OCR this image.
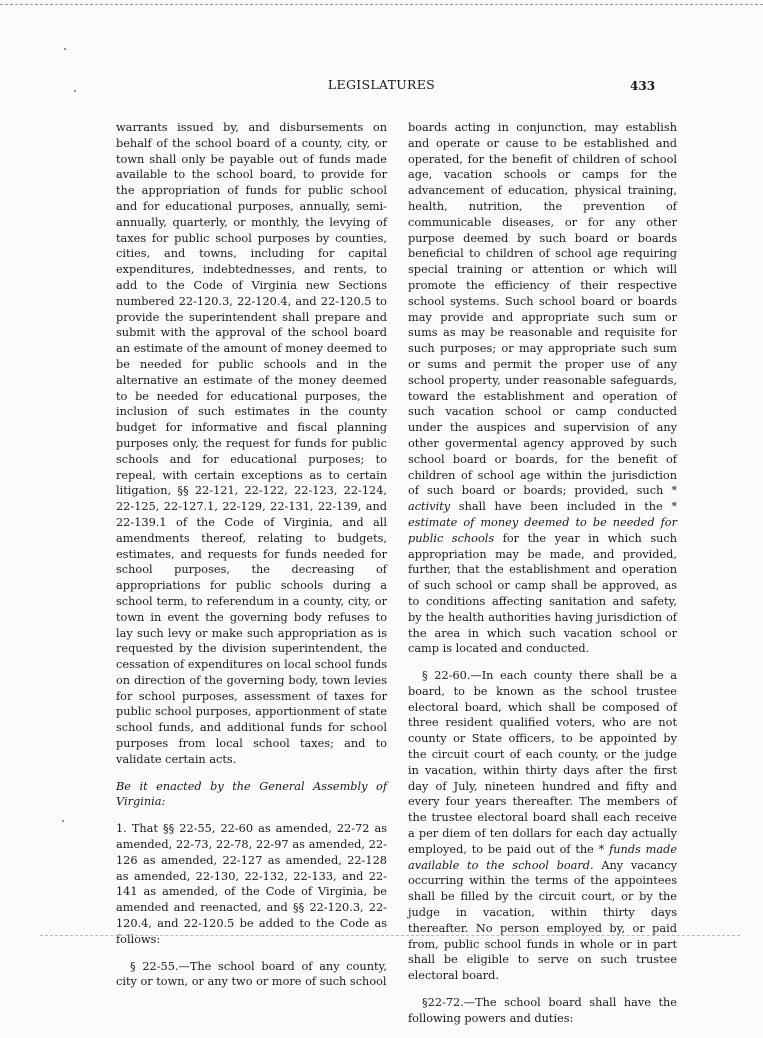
LEGISLATURES	433

warrants issued by, and disbursements on behalf of the school board of a county, city, or town shall only be payable out of funds made available to the school board, to provide for the appropriation of funds for public school and for educational purposes, annually, semi-annually, quarterly, or monthly, the levying of taxes for public school purposes by counties, cities, and towns, including for capital expenditures, indebtednesses, and rents, to add to the Code of Virginia new Sections numbered 22-120.3, 22-120.4, and 22-120.5 to provide the superintendent shall prepare and submit with the approval of the school board an estimate of the amount of money deemed to be needed for public schools and in the alternative an estimate of the money deemed to be needed for educational purposes, the inclusion of such estimates in the county budget for informative and fiscal planning purposes only, the request for funds for public schools and for educational purposes; to repeal, with certain exceptions as to certain litigation, §§ 22-121, 22-122, 22-123, 22-124, 22-125, 22-127.1, 22-129, 22-131, 22-139, and 22-139.1 of the Code of Virginia, and all amendments thereof, relating to budgets, estimates, and requests for funds needed for school purposes, the decreasing of appropriations for public schools during a school term, to referendum in a county, city, or town in event the governing body refuses to lay such levy or make such appropriation as is requested by the division superintendent, the cessation of expenditures on local school funds on direction of the governing body, town levies for school purposes, assessment of taxes for public school purposes, apportionment of state school funds, and additional funds for school purposes from local school taxes; and to validate certain acts.

Be it enacted by the General Assembly of Virginia:

1. That §§ 22-55, 22-60 as amended, 22-72 as amended, 22-73, 22-78, 22-97 as amended, 22-126 as amended, 22-127 as amended, 22-128 as amended, 22-130, 22-132, 22-133, and 22-141 as amended, of the Code of Virginia, be amended and reenacted, and §§ 22-120.3, 22-120.4, and 22-120.5 be added to the Code as follows:

§ 22-55.—The school board of any county, city or town, or any two or more of such school

boards acting in conjunction, may establish and operate or cause to be established and operated, for the benefit of children of school age, vacation schools or camps for the advancement of education, physical training, health, nutrition, the prevention of communicable diseases, or for any other purpose deemed by such board or boards beneficial to children of school age requiring special training or attention or which will promote the efficiency of their respective school systems. Such school board or boards may provide and appropriate such sum or sums as may be reasonable and requisite for such purposes; or may appropriate such sum or sums and permit the proper use of any school property, under reasonable safeguards, toward the establishment and operation of such vacation school or camp conducted under the auspices and supervision of any other govermental agency approved by such school board or boards, for the benefit of children of school age within the jurisdiction of such board or boards; provided, such * activity shall have been included in the * estimate of money deemed to be needed for public schools for the year in which such appropriation may be made, and provided, further, that the establishment and operation of such school or camp shall be approved, as to conditions affecting sanitation and safety, by the health authorities having jurisdiction of the area in which such vacation school or camp is located and conducted.

§ 22-60.—In each county there shall be a board, to be known as the school trustee electoral board, which shall be composed of three resident qualified voters, who are not county or State officers, to be appointed by the circuit court of each county, or the judge in vacation, within thirty days after the first day of July, nineteen hundred and fifty and every four years thereafter. The members of the trustee electoral board shall each receive a per diem of ten dollars for each day actually employed, to be paid out of the * funds made available to the school board. Any vacancy occurring within the terms of the appointees shall be filled by the circuit court, or by the judge in vacation, within thirty days thereafter. No person employed by, or paid from, public school funds in whole or in part shall be eligible to serve on such trustee electoral board.

§22-72.—The school board shall have the following powers and duties:
